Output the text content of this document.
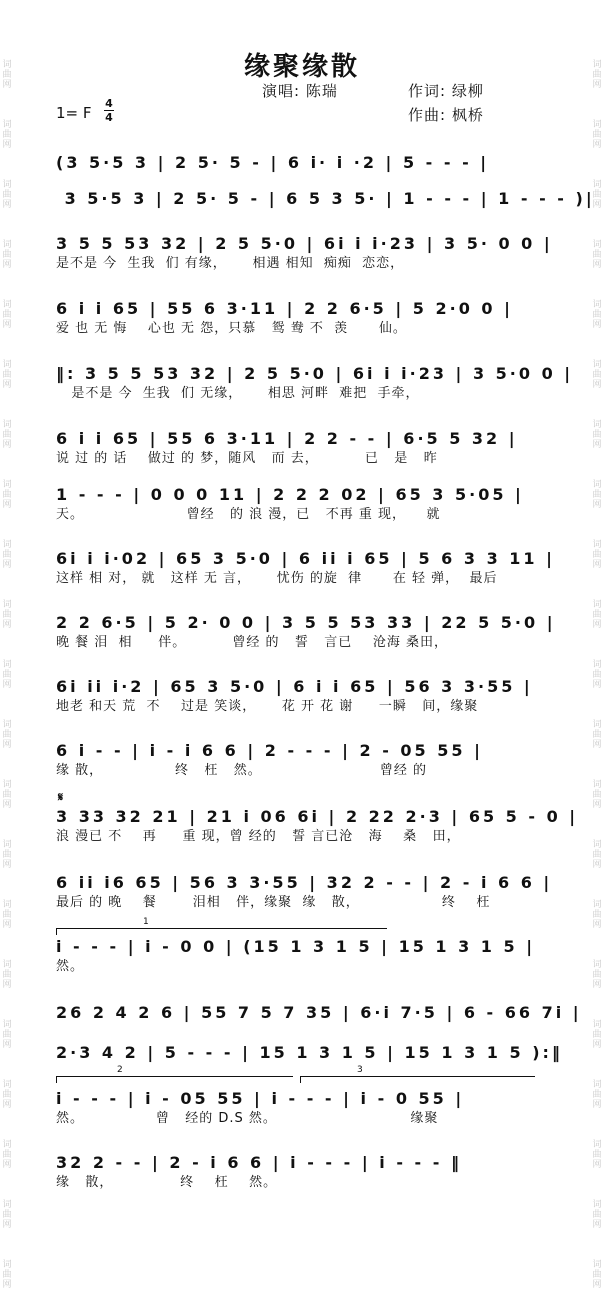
词
曲
网
词
曲
网
词
曲
网
词
曲
网
词
曲
网
词
曲
网
词
曲
网
词
曲
网
词
曲
网
词
曲
网
词
曲
网
词
曲
网
词
曲
网
词
曲
网
词
曲
网
词
曲
网
词
曲
网
词
曲
网
词
曲
网
词
曲
网
词
曲
网
词
曲
网
词
曲
网
词
曲
网
词
曲
网
词
曲
网
词
曲
网
词
曲
网
词
曲
网
词
曲
网
词
曲
网
词
曲
网
词
曲
网
词
曲
网
词
曲
网
词
曲
网
词
曲
网
词
曲
网
词
曲
网
词
曲
网
词
曲
网
词
曲
网
缘聚缘散
演唱: 陈瑞	作词: 绿柳
作曲: 枫桥
1= F
4
4
(3 5·5 3 | 2 5· 5 - | 6 i· i ·2 | 5 - - - |
3 5·5 3 | 2 5· 5 - | 6 5 3 5· | 1 - - - | 1 - - - )|
3 5 5 53 32 | 2 5 5·0 | 6i i i·23 | 3 5· 0 0 |
是不是 今  生我  们 有缘，     相遇 相知  痴痴  恋恋，
6 i i 65 | 55 6 3·11 | 2 2 6·5 | 5 2·0 0 |
爱 也 无 悔    心也 无 怨，只慕   鸳 鸯 不  羡      仙。
‖: 3 5 5 53 32 | 2 5 5·0 | 6i i i·23 | 3 5·0 0 |
是不是 今  生我  们 无缘，     相思 河畔  难把  手牵，
6 i i 65 | 55 6 3·11 | 2 2 - - | 6·5 5 32 |
说 过 的 话    做过 的 梦，随风   而 去，         已   是   昨
1 - - - | 0 0 0 11 | 2 2 2 02 | 65 3 5·05 |
天。                    曾经   的 浪 漫，已   不再 重 现，    就
6i i i·02 | 65 3 5·0 | 6 ii i 65 | 5 6 3 3 11 |
这样 相 对， 就   这样 无 言，     忧伤 的旋  律      在 轻 弹，  最后
2 2 6·5 | 5 2· 0 0 | 3 5 5 53 33 | 22 5 5·0 |
晚 餐 泪  相     伴。         曾经 的   誓   言已    沧海 桑田，
6i ii i·2 | 65 3 5·0 | 6 i i 65 | 56 3 3·55 |
地老 和天 荒  不    过是 笑谈，     花 开 花 谢     一瞬   间，缘聚
6 i - - | i - i 6 6 | 2 - - - | 2 - 05 55 |
缘 散，              终   枉   然。                       曾经 的
3 33 32 21 | 21 i 06 6i | 2 22 2·3 | 65 5 - 0 |
浪 漫已 不    再     重 现，曾 经的   誓 言已沧   海    桑   田，
6 ii i6 65 | 56 3 3·55 | 32 2 - - | 2 - i 6 6 |
最后 的 晚    餐       泪相   伴，缘聚  缘   散，                终    枉
i - - - | i - 0 0 | (15 1 3 1 5 | 15 1 3 1 5 |
然。
26 2 4 2 6 | 55 7 5 7 35 | 6·i 7·5 | 6 - 66 7i |
2·3 4 2 | 5 - - - | 15 1 3 1 5 | 15 1 3 1 5 ):‖
i - - - | i - 05 55 | i - - - | i - 0 55 |
然。              曾   经的 D.S 然。                          缘聚
32 2 - - | 2 - i 6 6 | i - - - | i - - - ‖
缘   散，             终    枉    然。
𝄋
1
2	3
